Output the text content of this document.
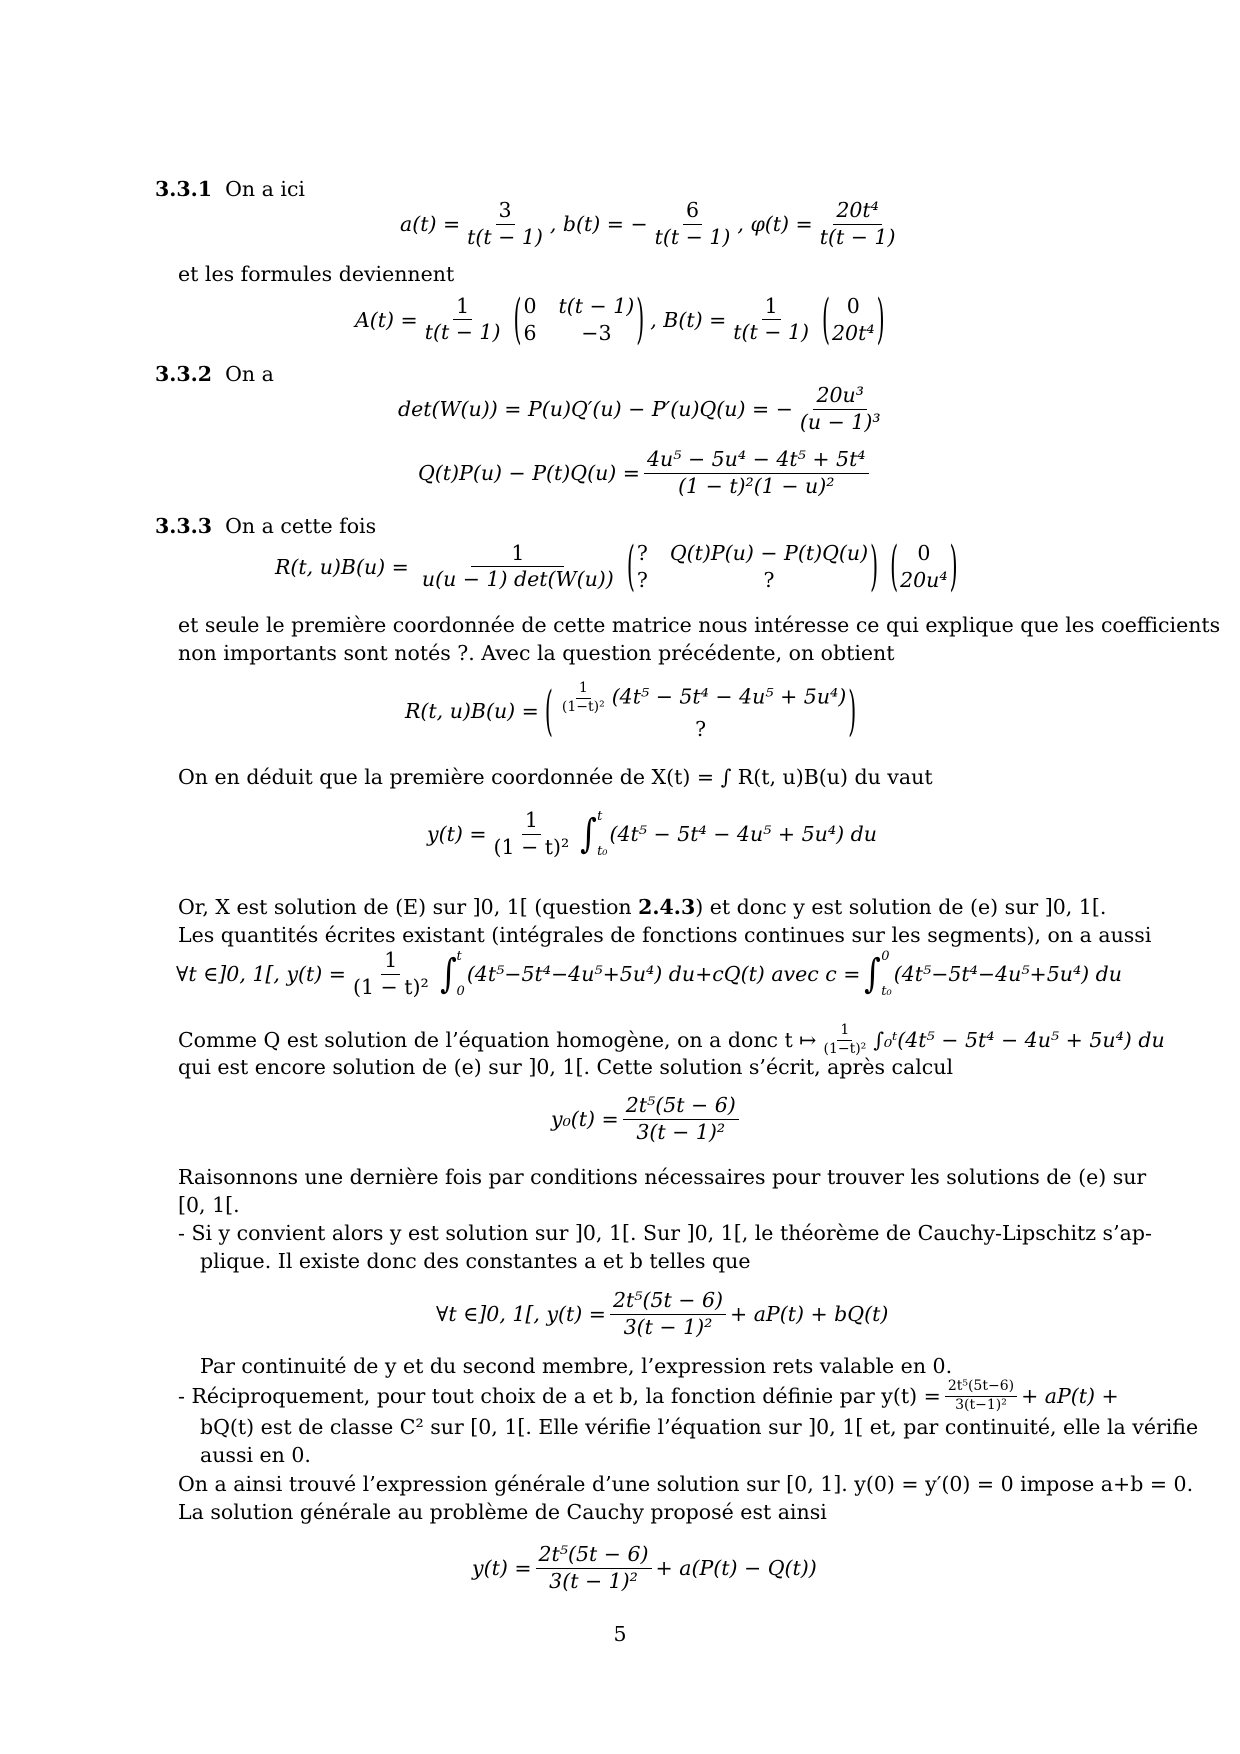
3.3.1 On a ici
$a(t) = \frac{3}{t(t - 1)}$ , b(t) = − $\frac{6}{t(t - 1)}$ , $\varphi(t) = \frac{\text{20t⁴}}{t(t - 1)}$
et les formules deviennent
$A(t) = \frac{1}{t(t - 1)}$ ( 0 t(t − 1)
6	−3	) , $B(t) = \frac{1}{t(t - 1)}$ ( 0
20t⁴ )
3.3.2 On a
det(W(u)) = P(u)Q′(u) − P′(u)Q(u) = − $\frac{\text{20u³}}{\text{(u − 1)³}}$
$Q(t)P(u) - P(t)Q(u) = \frac{\text{4u⁵ − 5u⁴ − 4t⁵ + 5t⁴}}{\text{(1 − t)²(1 − u)²}}$
3.3.3 On a cette fois
R(t, $u)B(u) = \frac{1}{u(u - 1) \det(W(u))}$ ( ? Q(t)P(u) − P(t)Q(u)
?	?	) ( 0
20u⁴ )
et seule le première coordonnée de cette matrice nous intéresse ce qui explique que les coefficients
non importants sont notés ?. Avec la question précédente, on obtient
R(t, u)B(u) = ( $\frac{1}{\text{(1−t)²}} (4t^5 - 5t^4 - 4u^5 + 5u^4)$
?	)
On en déduit que la première coordonnée de X(t) = ∫ R(t, u)B(u) du vaut
$y(t) = \frac{1}{\text{(1 − t)²}}$ ∫ t
t₀
(4t⁵ − 5t⁴ − 4u⁵ + 5u⁴) du
Or, X est solution de (E) sur ]0, 1[ (question 2.4.3) et donc y est solution de (e) sur ]0, 1[.
Les quantités écrites existant (intégrales de fonctions continues sur les segments), on a aussi
∀t ∈]0, 1[, $y(t) = \frac{1}{\text{(1 − t)²}}$ ∫ t
0
(4t⁵−5t⁴−4u⁵+5u⁴) du+cQ(t) avec c = ∫ 0
t₀
(4t⁵−5t⁴−4u⁵+5u⁴) du
Comme Q est solution de l’équation homogène, on a donc t ↦ $\frac{1}{\text{(1−t)²}}$ ∫₀ᵗ(4t⁵ − 5t⁴ − 4u⁵ + 5u⁴) du
qui est encore solution de (e) sur ]0, 1[. Cette solution s’écrit, après calcul
$y_0(t) = \frac{\text{2t⁵(5t − 6)}}{\text{3(t − 1)²}}$
Raisonnons une dernière fois par conditions nécessaires pour trouver les solutions de (e) sur
[0, 1[.
- Si y convient alors y est solution sur ]0, 1[. Sur ]0, 1[, le théorème de Cauchy-Lipschitz s’ap-
plique. Il existe donc des constantes a et b telles que
∀t ∈]0, 1[, $y(t) = \frac{\text{2t⁵(5t − 6)}}{\text{3(t − 1)²}} + aP(t) + bQ(t)$
Par continuité de y et du second membre, l’expression rets valable en 0.
- Réciproquement, pour tout choix de a et b, la fonction définie par $y(t) = \frac{\text{2t⁵(5t−6)}}{\text{3(t−1)²}} + aP(t)$ +
bQ(t) est de classe C² sur [0, 1[. Elle vérifie l’équation sur ]0, 1[ et, par continuité, elle la vérifie
aussi en 0.
On a ainsi trouvé l’expression générale d’une solution sur [0, 1]. y(0) = y′(0) = 0 impose a+b = 0.
La solution générale au problème de Cauchy proposé est ainsi
$y(t) = \frac{\text{2t⁵(5t − 6)}}{\text{3(t − 1)²}} + a(P(t) - Q(t))$
5
